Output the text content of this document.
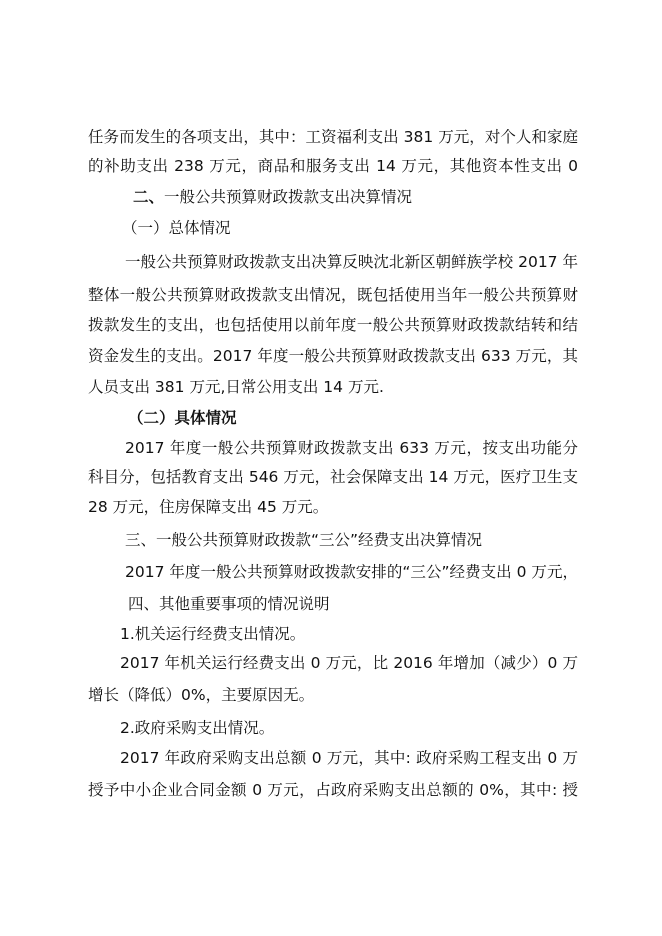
任务而发生的各项支出，其中：工资福利支出 381 万元，对个人和家庭
的补助支出 238 万元，商品和服务支出 14 万元，其他资本性支出 0
二、一般公共预算财政拨款支出决算情况
（一）总体情况
一般公共预算财政拨款支出决算反映沈北新区朝鲜族学校 2017 年
整体一般公共预算财政拨款支出情况，既包括使用当年一般公共预算财
拨款发生的支出，也包括使用以前年度一般公共预算财政拨款结转和结
资金发生的支出。2017 年度一般公共预算财政拨款支出 633 万元，其
人员支出 381 万元,日常公用支出 14 万元.
（二）具体情况
2017 年度一般公共预算财政拨款支出 633 万元，按支出功能分
科目分，包括教育支出 546 万元，社会保障支出 14 万元，医疗卫生支
28 万元，住房保障支出 45 万元。
三、一般公共预算财政拨款“三公”经费支出决算情况
2017 年度一般公共预算财政拨款安排的“三公”经费支出 0 万元，
四、其他重要事项的情况说明
1.机关运行经费支出情况。
2017 年机关运行经费支出 0 万元，比 2016 年增加（减少）0 万
增长（降低）0%，主要原因无。
2.政府采购支出情况。
2017 年政府采购支出总额 0 万元，其中: 政府采购工程支出 0 万
授予中小企业合同金额 0 万元，占政府采购支出总额的 0%，其中: 授
